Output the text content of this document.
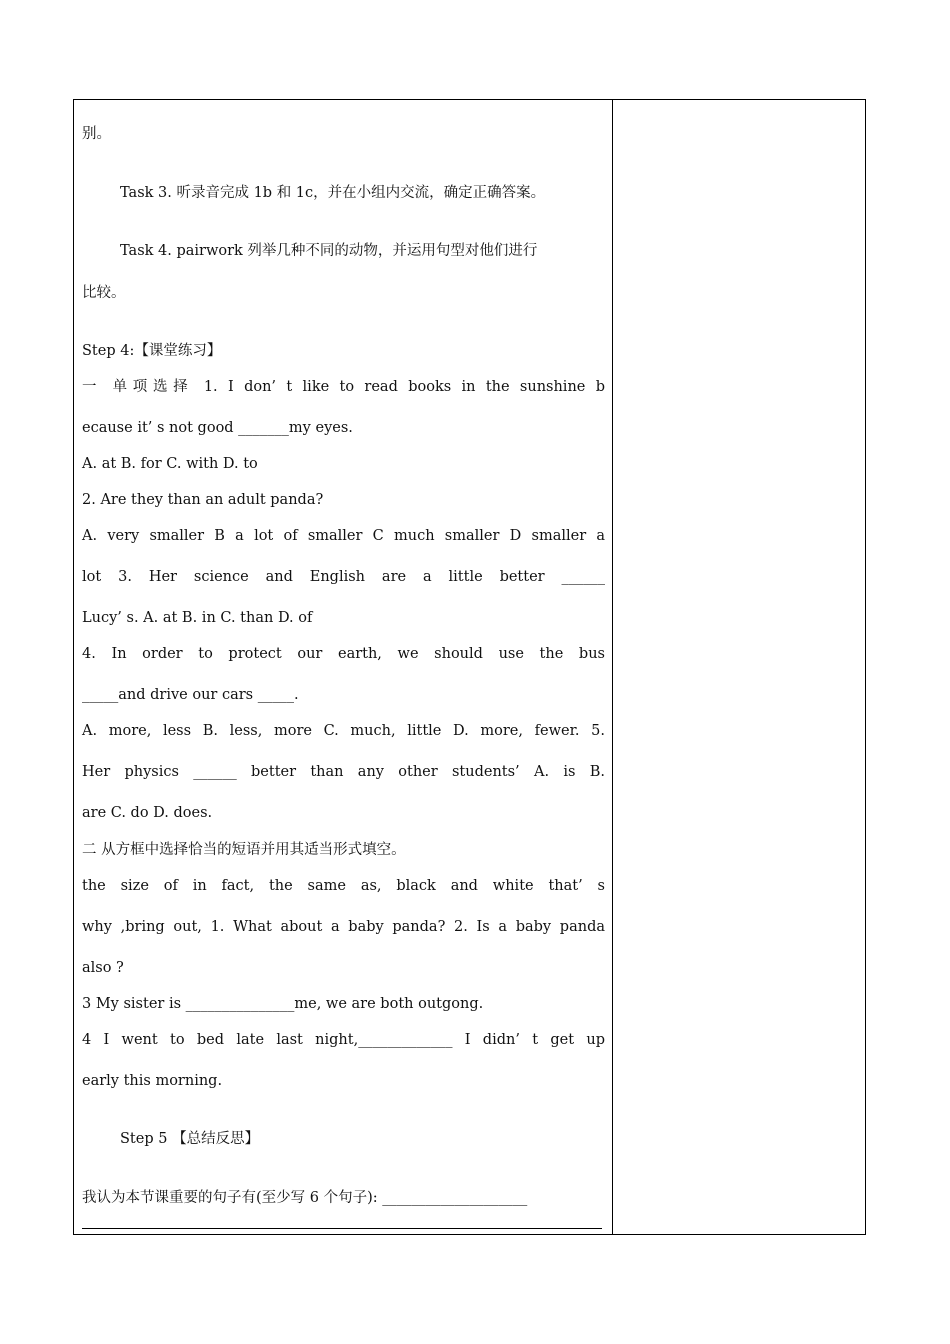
别。
Task 3. 听录音完成 1b 和 1c，并在小组内交流，确定正确答案。
Task 4. pairwork 列举几种不同的动物，并运用句型对他们进行
比较。
Step 4:【课堂练习】
一 单项选择 1. I don’ t like to read books in the sunshine b
ecause it’ s not good _______my eyes.
A. at B. for C. with D. to
2. Are they than an adult panda?
A. very smaller B a lot of smaller C much smaller D smaller a
lot 3. Her science and English are a little better ______
Lucy’ s. A. at B. in C. than D. of
4. In order to protect our earth, we should use the bus
_____and drive our cars _____.
A. more, less B. less, more C. much, little D. more, fewer. 5.
Her physics ______ better than any other students’ A. is B.
are C. do D. does.
二 从方框中选择恰当的短语并用其适当形式填空。
the size of in fact, the same as, black and white that’ s
why ,bring out, 1. What about a baby panda? 2. Is a baby panda
also ?
3 My sister is _______________me, we are both outgong.
4 I went to bed late last night,_____________ I didn’ t get up
early this morning.
Step 5 【总结反思】
我认为本节课重要的句子有(至少写 6 个句子): ____________________
